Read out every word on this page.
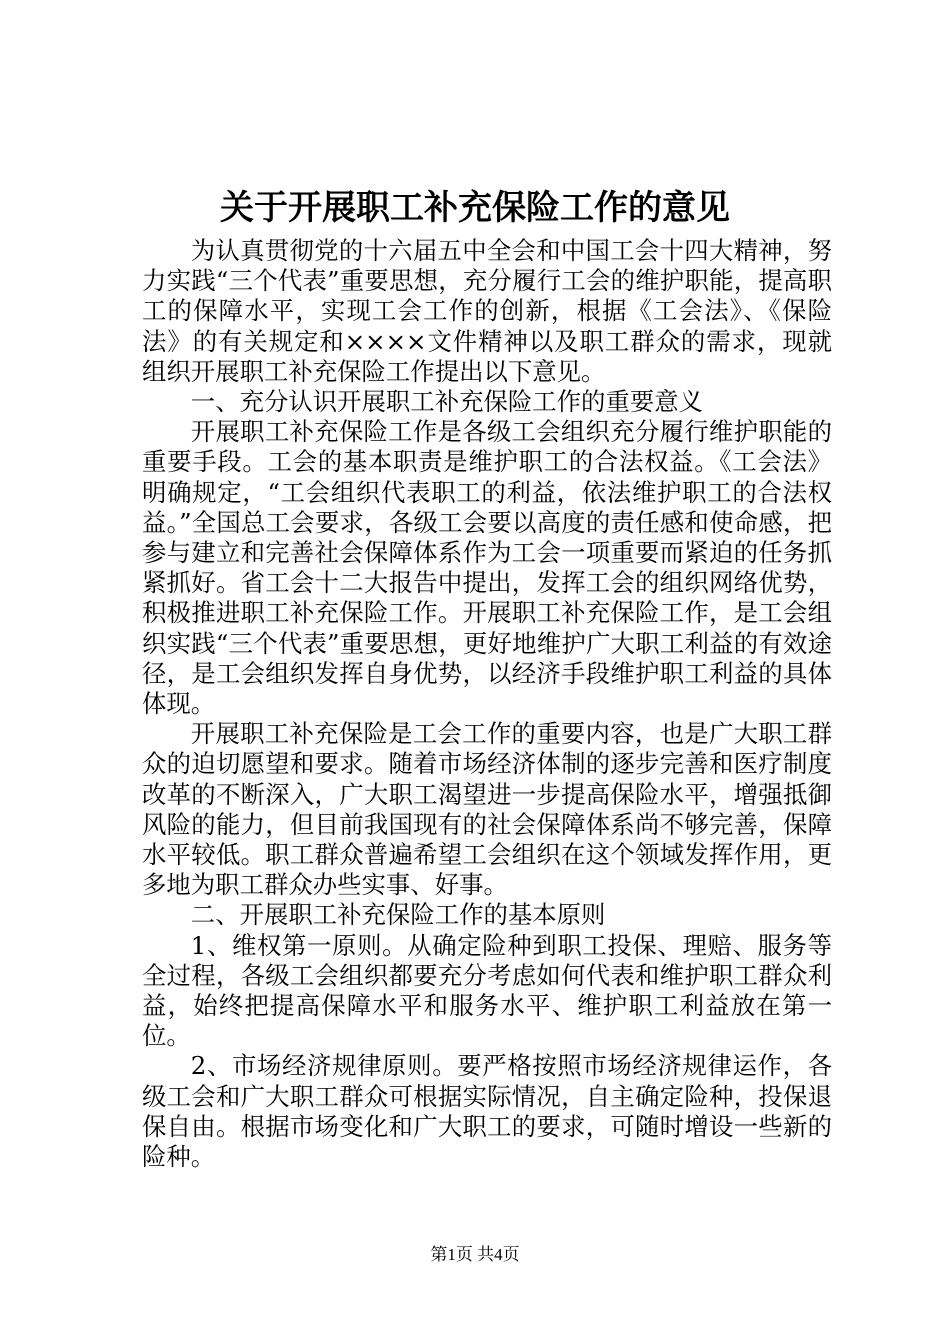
关于开展职工补充保险工作的意见

为认真贯彻党的十六届五中全会和中国工会十四大精神，努力实践“三个代表”重要思想，充分履行工会的维护职能，提高职工的保障水平，实现工会工作的创新，根据《工会法》、《保险法》的有关规定和××××文件精神以及职工群众的需求，现就组织开展职工补充保险工作提出以下意见。

一、充分认识开展职工补充保险工作的重要意义

开展职工补充保险工作是各级工会组织充分履行维护职能的重要手段。工会的基本职责是维护职工的合法权益。《工会法》明确规定，“工会组织代表职工的利益，依法维护职工的合法权益。”全国总工会要求，各级工会要以高度的责任感和使命感，把参与建立和完善社会保障体系作为工会一项重要而紧迫的任务抓紧抓好。省工会十二大报告中提出，发挥工会的组织网络优势，积极推进职工补充保险工作。开展职工补充保险工作，是工会组织实践“三个代表”重要思想，更好地维护广大职工利益的有效途径，是工会组织发挥自身优势，以经济手段维护职工利益的具体体现。

开展职工补充保险是工会工作的重要内容，也是广大职工群众的迫切愿望和要求。随着市场经济体制的逐步完善和医疗制度改革的不断深入，广大职工渴望进一步提高保险水平，增强抵御风险的能力，但目前我国现有的社会保障体系尚不够完善，保障水平较低。职工群众普遍希望工会组织在这个领域发挥作用，更多地为职工群众办些实事、好事。

二、开展职工补充保险工作的基本原则

1、维权第一原则。从确定险种到职工投保、理赔、服务等全过程，各级工会组织都要充分考虑如何代表和维护职工群众利益，始终把提高保障水平和服务水平、维护职工利益放在第一位。

2、市场经济规律原则。要严格按照市场经济规律运作，各级工会和广大职工群众可根据实际情况，自主确定险种，投保退保自由。根据市场变化和广大职工的要求，可随时增设一些新的险种。

第1页 共4页
